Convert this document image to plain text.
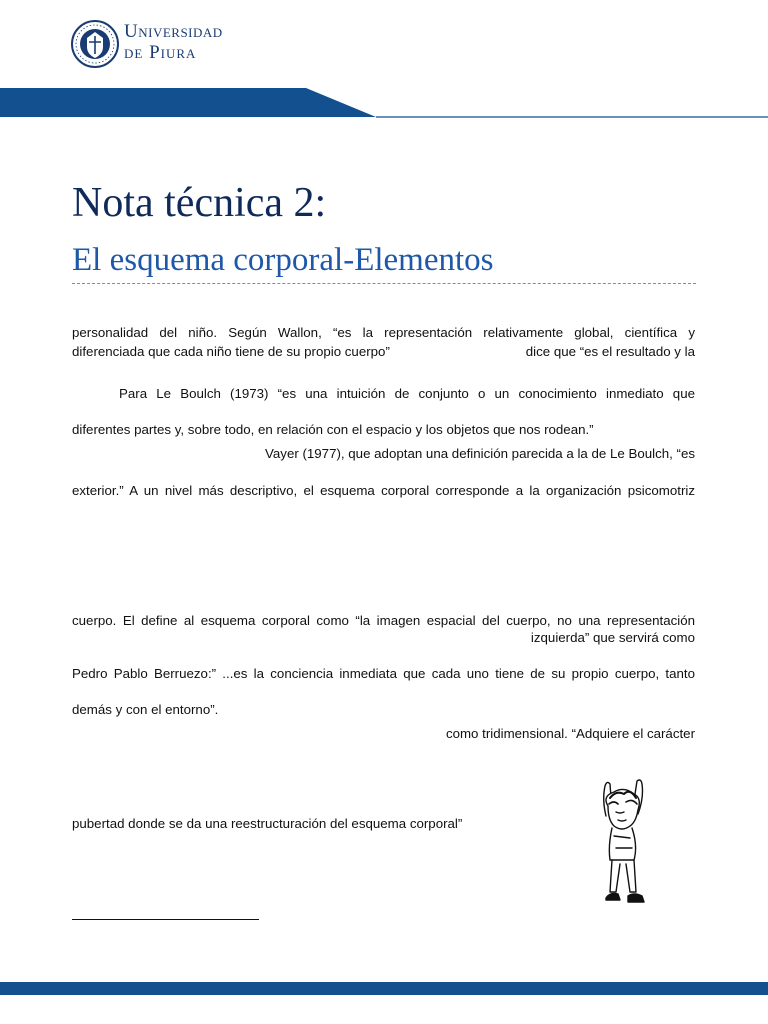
Universidad
de Piura
Nota técnica 2:
El esquema corporal-Elementos
personalidad del niño. Según Wallon, “es la representación relativamente global, científica y
diferenciada que cada niño tiene de su propio cuerpo”	dice que “es el resultado y la
Para Le Boulch (1973) “es una intuición de conjunto o un conocimiento inmediato que
diferentes partes y, sobre todo, en relación con el espacio y los objetos que nos rodean.”
Vayer (1977), que adoptan una definición parecida a la de Le Boulch, “es
exterior.” A un nivel más descriptivo, el esquema corporal corresponde a la organización psicomotriz
cuerpo. El define al esquema corporal como “la imagen espacial del cuerpo, no una representación
izquierda” que servirá como
Pedro Pablo Berruezo:” ...es la conciencia inmediata que cada uno tiene de su propio cuerpo, tanto
demás y con el entorno”.
como tridimensional. “Adquiere el carácter
pubertad donde se da una reestructuración del esquema corporal”
